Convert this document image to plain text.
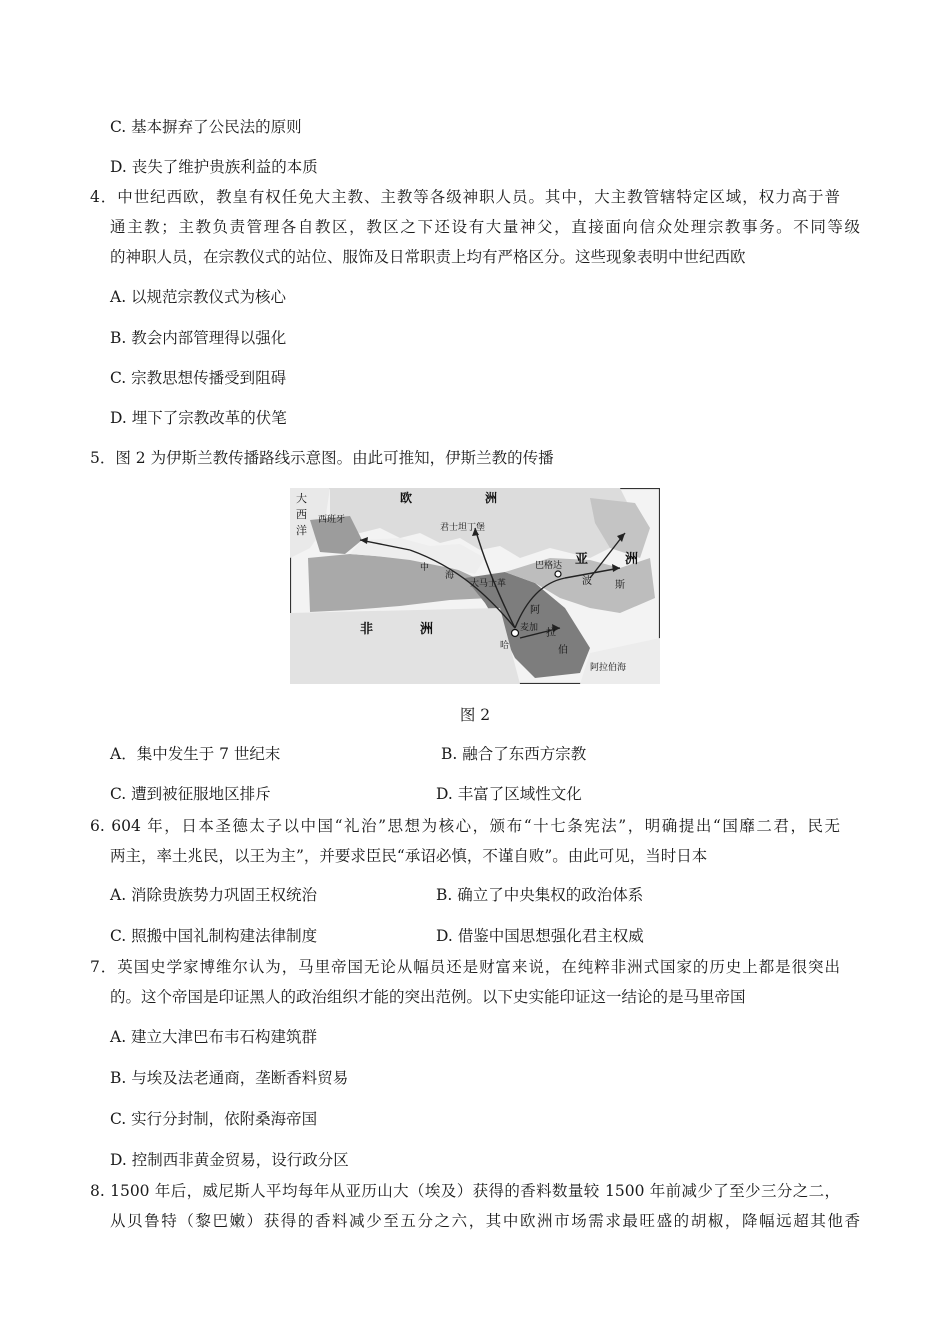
C. 基本摒弃了公民法的原则
D. 丧失了维护贵族利益的本质
4．中世纪西欧，教皇有权任免大主教、主教等各级神职人员。其中，大主教管辖特定区域，权力高于普
通主教；主教负责管理各自教区，教区之下还设有大量神父，直接面向信众处理宗教事务。不同等级
的神职人员，在宗教仪式的站位、服饰及日常职责上均有严格区分。这些现象表明中世纪西欧
A. 以规范宗教仪式为核心
B. 教会内部管理得以强化
C. 宗教思想传播受到阻碍
D. 埋下了宗教改革的伏笔
5．图 2 为伊斯兰教传播路线示意图。由此可推知，伊斯兰教的传播
大
西
洋
欧	洲
西班牙
君士坦丁堡
亚	洲
非	洲
大马士革
巴格达
麦加
阿拉伯海
阿
拉
伯
波 斯
中
海
哈
图 2
A．集中发生于 7 世纪末	B. 融合了东西方宗教
C. 遭到被征服地区排斥	D. 丰富了区域性文化
6. 604 年，日本圣德太子以中国“礼治”思想为核心，颁布“十七条宪法”，明确提出“国靡二君，民无
两主，率土兆民，以王为主”，并要求臣民“承诏必慎，不谨自败”。由此可见，当时日本
A. 消除贵族势力巩固王权统治	B. 确立了中央集权的政治体系
C. 照搬中国礼制构建法律制度	D. 借鉴中国思想强化君主权威
7．英国史学家博维尔认为，马里帝国无论从幅员还是财富来说，在纯粹非洲式国家的历史上都是很突出
的。这个帝国是印证黑人的政治组织才能的突出范例。以下史实能印证这一结论的是马里帝国
A. 建立大津巴布韦石构建筑群
B. 与埃及法老通商，垄断香料贸易
C. 实行分封制，依附桑海帝国
D. 控制西非黄金贸易，设行政分区
8. 1500 年后，威尼斯人平均每年从亚历山大（埃及）获得的香料数量较 1500 年前减少了至少三分之二，
从贝鲁特（黎巴嫩）获得的香料减少至五分之六，其中欧洲市场需求最旺盛的胡椒，降幅远超其他香
